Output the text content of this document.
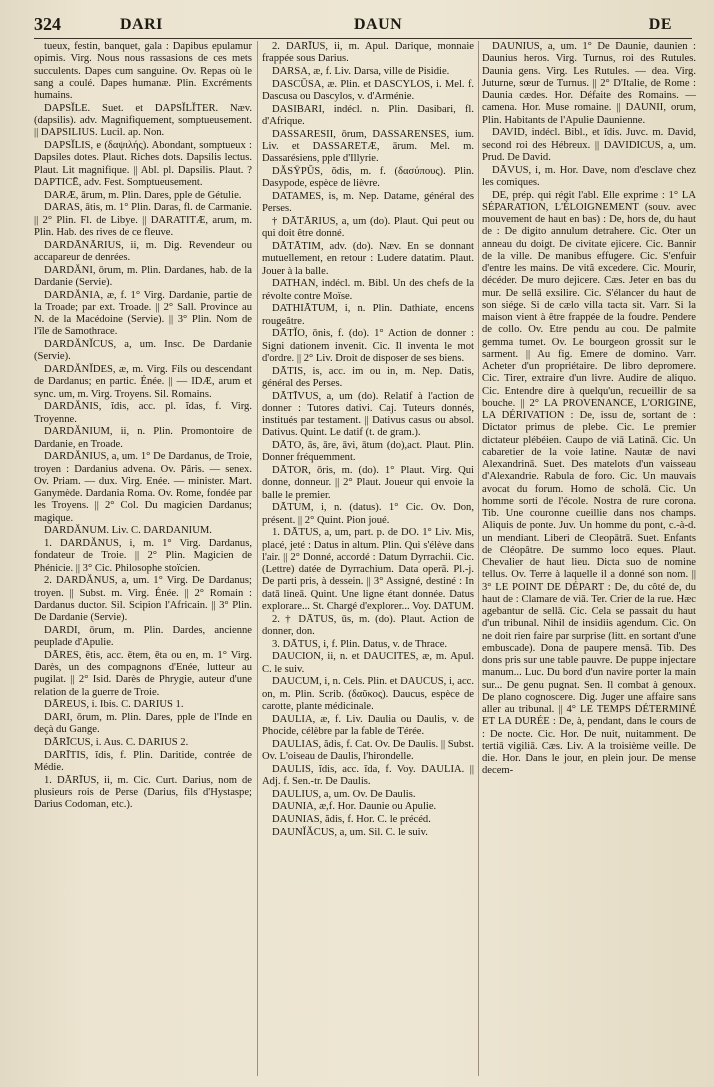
324	DARI	DAUN	DE

tueux, festin, banquet, gala : Dapibus epulamur opimis. Virg. Nous nous rassasions de ces mets succulents. Dapes cum sanguine. Ov. Repas où le sang a coulé. Dapes humanæ. Plin. Excréments humains.

DAPSĬLE. Suet. et DAPSĬLĬTER. Næv. (dapsilis). adv. Magnifiquement, somptueusement. || DAPSILIUS. Lucil. ap. Non.

DAPSĬLIS, e (δαψιλής). Abondant, somptueux : Dapsiles dotes. Plaut. Riches dots. Dapsilis lectus. Plaut. Lit magnifique. || Abl. pl. Dapsilis. Plaut. ? DAPTICĒ, adv. Fest. Somptueusement.

DARÆ, ārum, m. Plin. Dares, pple de Gétulie.

DARAS, ātis, m. 1° Plin. Daras, fl. de Carmanie. || 2° Plin. Fl. de Libye. || DARATITÆ, arum, m. Plin. Hab. des rives de ce fleuve.

DARDĀNĀRIUS, ii, m. Dig. Revendeur ou accapareur de denrées.

DARDĂNI, ōrum, m. Plin. Dardanes, hab. de la Dardanie (Servie).

DARDĂNIA, æ, f. 1° Virg. Dardanie, partie de la Troade; par ext. Troade. || 2° Sall. Province au N. de la Macédoine (Servie). || 3° Plin. Nom de l'île de Samothrace.

DARDĂNĬCUS, a, um. Insc. De Dardanie (Servie).

DARDĂNĬDES, æ, m. Virg. Fils ou descendant de Dardanus; en partic. Énée. || — IDÆ, arum et sync. um, m. Virg. Troyens. Sil. Romains.

DARDĂNIS, ĭdis, acc. pl. ĭdas, f. Virg. Troyenne.

DARDĂNIUM, ii, n. Plin. Promontoire de Dardanie, en Troade.

DARDĂNIUS, a, um. 1° De Dardanus, de Troie, troyen : Dardanius advena. Ov. Pâris. — senex. Ov. Priam. — dux. Virg. Enée. — minister. Mart. Ganymède. Dardania Roma. Ov. Rome, fondée par les Troyens. || 2° Col. Du magicien Dardanus; magique.

DARDĂNUM. Liv. C. DARDANIUM.

1. DARDĂNUS, i, m. 1° Virg. Dardanus, fondateur de Troie. || 2° Plin. Magicien de Phénicie. || 3° Cic. Philosophe stoïcien.

2. DARDĂNUS, a, um. 1° Virg. De Dardanus; troyen. || Subst. m. Virg. Énée. || 2° Romain : Dardanus ductor. Sil. Scipion l'Africain. || 3° Plin. De Dardanie (Servie).

DARDI, ōrum, m. Plin. Dardes, ancienne peuplade d'Apulie.

DĀRES, ētis, acc. ētem, ēta ou en, m. 1° Virg. Darès, un des compagnons d'Enée, lutteur au pugilat. || 2° Isid. Darès de Phrygie, auteur d'une relation de la guerre de Troie.

DĀREUS, i. Ibis. C. DARIUS 1.

DARI, ōrum, m. Plin. Dares, pple de l'Inde en deçà du Gange.

DĀRĪCUS, i. Aus. C. DARIUS 2.

DARĪTIS, ĭdis, f. Plin. Daritide, contrée de Médie.

1. DĀRĪUS, ii, m. Cic. Curt. Darius, nom de plusieurs rois de Perse (Darius, fils d'Hystaspe; Darius Codoman, etc.).

2. DARĪUS, ii, m. Apul. Darique, monnaie frappée sous Darius.

DARSA, æ, f. Liv. Darsa, ville de Pisidie.

DASCŪSA, æ. Plin. et DASCYLOS, i. Mel. f. Dascusa ou Dascylos, v. d'Arménie.

DASIBARI, indécl. n. Plin. Dasibari, fl. d'Afrique.

DASSARESII, ōrum, DASSARENSES, ium. Liv. et DASSARETÆ, ārum. Mel. m. Dassarésiens, pple d'Illyrie.

DĂSŸPŪS, ŏdis, m. f. (δασύπους). Plin. Dasypode, espèce de lièvre.

DATAMES, is, m. Nep. Datame, général des Perses.

† DĀTĀRIUS, a, um (do). Plaut. Qui peut ou qui doit être donné.

DĀTĀTIM, adv. (do). Næv. En se donnant mutuellement, en retour : Ludere datatim. Plaut. Jouer à la balle.

DATHAN, indécl. m. Bibl. Un des chefs de la révolte contre Moïse.

DATHIĀTUM, i, n. Plin. Dathiate, encens rougeâtre.

DĀTĬO, ōnis, f. (do). 1° Action de donner : Signi dationem invenit. Cic. Il inventa le mot d'ordre. || 2° Liv. Droit de disposer de ses biens.

DĀTIS, is, acc. im ou in, m. Nep. Datis, général des Perses.

DĀTĪVUS, a, um (do). Relatif à l'action de donner : Tutores dativi. Caj. Tuteurs donnés, institués par testament. || Dativus casus ou absol. Dativus. Quint. Le datif (t. de gram.).

DĀTO, ās, āre, āvi, ātum (do),act. Plaut. Plin. Donner fréquemment.

DĀTOR, ōris, m. (do). 1° Plaut. Virg. Qui donne, donneur. || 2° Plaut. Joueur qui envoie la balle le premier.

DĀTUM, i, n. (datus). 1° Cic. Ov. Don, présent. || 2° Quint. Pion joué.

1. DĀTUS, a, um, part. p. de DO. 1° Liv. Mis, placé, jeté : Datus in altum. Plin. Qui s'élève dans l'air. || 2° Donné, accordé : Datum Dyrrachii. Cic. (Lettre) datée de Dyrrachium. Data operā. Pl.-j. De parti pris, à dessein. || 3° Assigné, destiné : In datā lineā. Quint. Une ligne étant donnée. Datus explorare... St. Chargé d'explorer... Voy. DATUM.

2. † DĀTUS, ūs, m. (do). Plaut. Action de donner, don.

3. DĀTUS, i, f. Plin. Datus, v. de Thrace.

DAUCION, ii, n. et DAUCITES, æ, m. Apul. C. le suiv.

DAUCUM, i, n. Cels. Plin. et DAUCUS, i, acc. on, m. Plin. Scrib. (δαῦκος). Daucus, espèce de carotte, plante médicinale.

DAULIA, æ, f. Liv. Daulia ou Daulis, v. de Phocide, célèbre par la fable de Térée.

DAULIAS, ădis, f. Cat. Ov. De Daulis. || Subst. Ov. L'oiseau de Daulis, l'hirondelle.

DAULIS, ĭdis, acc. ĭda, f. Voy. DAULIA. || Adj. f. Sen.-tr. De Daulis.

DAULIUS, a, um. Ov. De Daulis.

DAUNIA, æ,f. Hor. Daunie ou Apulie.

DAUNIAS, ădis, f. Hor. C. le précéd.

DAUNĬĂCUS, a, um. Sil. C. le suiv.

DAUNIUS, a, um. 1° De Daunie, daunien : Daunius heros. Virg. Turnus, roi des Rutules. Daunia gens. Virg. Les Rutules. — dea. Virg. Juturne, sœur de Turnus. || 2° D'Italie, de Rome : Daunia cædes. Hor. Défaite des Romains. — camena. Hor. Muse romaine. || DAUNII, orum, Plin. Habitants de l'Apulie Daunienne.

DAVID, indécl. Bibl., et ĭdis. Juvc. m. David, second roi des Hébreux. || DAVIDICUS, a, um. Prud. De David.

DĀVUS, i, m. Hor. Dave, nom d'esclave chez les comiques.

DE, prép. qui régit l'abl. Elle exprime : 1° LA SÉPARATION, L'ÉLOIGNEMENT (souv. avec mouvement de haut en bas) : De, hors de, du haut de : De digito annulum detrahere. Cic. Oter un anneau du doigt. De civitate ejicere. Cic. Bannir de la ville. De manibus effugere. Cic. S'enfuir d'entre les mains. De vitâ excedere. Cic. Mourir, décéder. De muro dejicere. Cæs. Jeter en bas du mur. De sellā exsilire. Cic. S'élancer du haut de son siége. Si de cælo villa tacta sit. Varr. Si la maison vient à être frappée de la foudre. Pendere de collo. Ov. Etre pendu au cou. De palmite gemma tumet. Ov. Le bourgeon grossit sur le sarment. || Au fig. Emere de domino. Varr. Acheter d'un propriétaire. De libro depromere. Cic. Tirer, extraire d'un livre. Audire de aliquo. Cic. Entendre dire à quelqu'un, recueillir de sa bouche. || 2° LA PROVENANCE, L'ORIGINE, LA DÉRIVATION : De, issu de, sortant de : Dictator primus de plebe. Cic. Le premier dictateur plébéien. Caupo de viā Latinā. Cic. Un cabaretier de la voie latine. Nautæ de navi Alexandrinā. Suet. Des matelots d'un vaisseau d'Alexandrie. Rabula de foro. Cic. Un mauvais avocat du forum. Homo de scholā. Cic. Un homme sorti de l'école. Nostra de rure corona. Tib. Une couronne cueillie dans nos champs. Aliquis de ponte. Juv. Un homme du pont, c.-à-d. un mendiant. Liberi de Cleopātrā. Suet. Enfants de Cléopâtre. De summo loco eques. Plaut. Chevalier de haut lieu. Dicta suo de nomine tellus. Ov. Terre à laquelle il a donné son nom. || 3° LE POINT DE DÉPART : De, du côté de, du haut de : Clamare de viā. Ter. Crier de la rue. Hæc agebantur de sellā. Cic. Cela se passait du haut d'un tribunal. Nihil de insidiis agendum. Cic. On ne doit rien faire par surprise (litt. en sortant d'une embuscade). Dona de paupere mensā. Tib. Des dons pris sur une table pauvre. De puppe injectare manum... Luc. Du bord d'un navire porter la main sur... De genu pugnat. Sen. Il combat à genoux. De plano cognoscere. Dig. Juger une affaire sans aller au tribunal. || 4° LE TEMPS DÉTERMINÉ ET LA DURÉE : De, à, pendant, dans le cours de : De nocte. Cic. Hor. De nuit, nuitamment. De tertiā vigiliā. Cæs. Liv. A la troisième veille. De die. Hor. Dans le jour, en plein jour. De mense decem-
